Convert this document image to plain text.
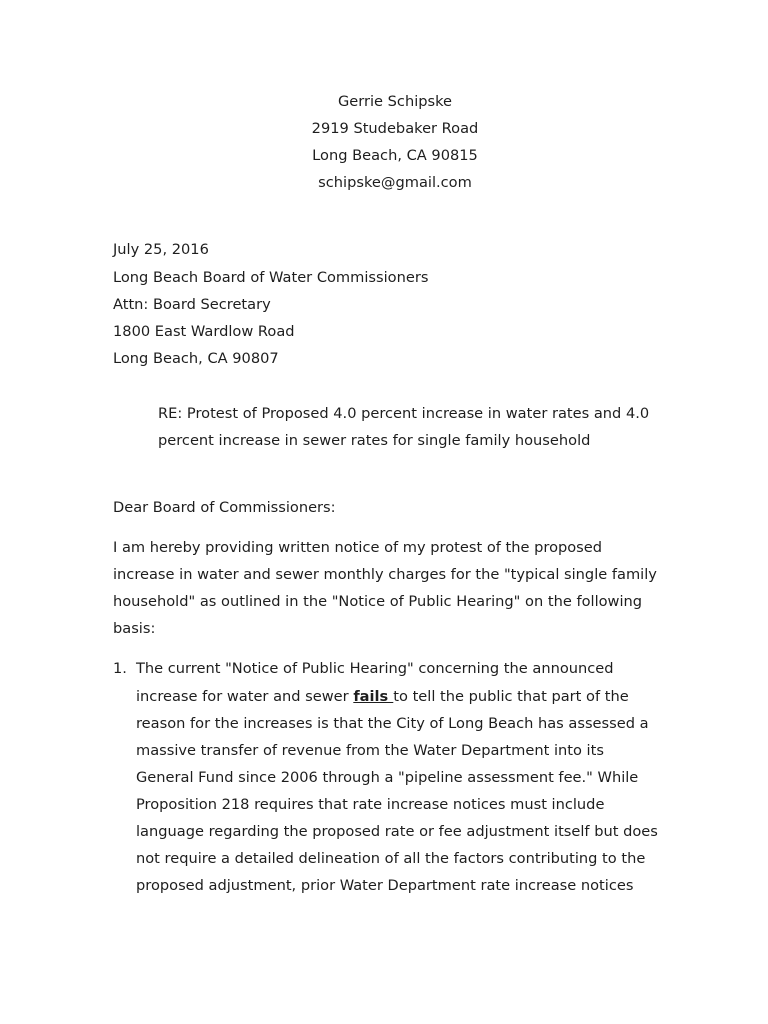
Gerrie Schipske
2919 Studebaker Road
Long Beach, CA 90815
schipske@gmail.com
July 25, 2016
Long Beach Board of Water Commissioners
Attn: Board Secretary
1800 East Wardlow Road
Long Beach, CA 90807
RE: Protest of Proposed 4.0 percent increase in water rates and 4.0
percent increase in sewer rates for single family household
Dear Board of Commissioners:
I am hereby providing written notice of my protest of the proposed
increase in water and sewer monthly charges for the "typical single family
household" as outlined in the "Notice of Public Hearing" on the following
basis:
1. The current "Notice of Public Hearing" concerning the announced
increase for water and sewer fails to tell the public that part of the
reason for the increases is that the City of Long Beach has assessed a
massive transfer of revenue from the Water Department into its
General Fund since 2006 through a "pipeline assessment fee." While
Proposition 218 requires that rate increase notices must include
language regarding the proposed rate or fee adjustment itself but does
not require a detailed delineation of all the factors contributing to the
proposed adjustment, prior Water Department rate increase notices
